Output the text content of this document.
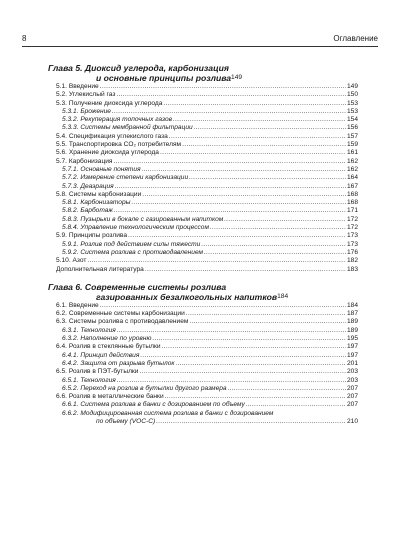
8	Оглавление
Глава 5. Диоксид углерода, карбонизация
и основные принципы розлива 149
5.1. Введение .....	149
5.2. Углекислый газ .....	150
5.3. Получение диоксида углерода .....	153
5.3.1. Брожение .....	153
5.3.2. Рекуперация топочных газов .....	154
5.3.3. Системы мембранной фильтрации .....	156
5.4. Спецификация углекислого газа .....	157
5.5. Транспортировка CO₂ потребителям .....	159
5.6. Хранение диоксида углерода .....	161
5.7. Карбонизация .....	162
5.7.1. Основные понятия .....	162
5.7.2. Измерение степени карбонизации .....	164
5.7.3. Деаэрация .....	167
5.8. Системы карбонизации .....	168
5.8.1. Карбонизаторы .....	168
5.8.2. Барботаж .....	171
5.8.3. Пузырьки в бокале с газированным напитком .....	172
5.8.4. Управление технологическим процессом .....	172
5.9. Принципы розлива .....	173
5.9.1. Розлив под действием силы тяжести .....	173
5.9.2. Система розлива с противодавлением .....	176
5.10. Азот .....	182
Дополнительная литература .....	183
Глава 6. Современные системы розлива
газированных безалкогольных напитков 184
6.1. Введение .....	184
6.2. Современные системы карбонизации .....	187
6.3. Системы розлива с противодавлением .....	189
6.3.1. Технология .....	189
6.3.2. Наполнение по уровню .....	195
6.4. Розлив в стеклянные бутылки .....	197
6.4.1. Принцип действия .....	197
6.4.2. Защита от разрыва бутылок .....	201
6.5. Розлив в ПЭТ-бутылки .....	203
6.5.1. Технология .....	203
6.5.2. Переход на розлив в бутылки другого размера .....	207
6.6. Розлив в металлические банки .....	207
6.6.1. Система розлива в банки с дозированием по объему .....	207
6.6.2. Модифицированная система розлива в банки с дозированием
по объему (VOC-C) .....	210
